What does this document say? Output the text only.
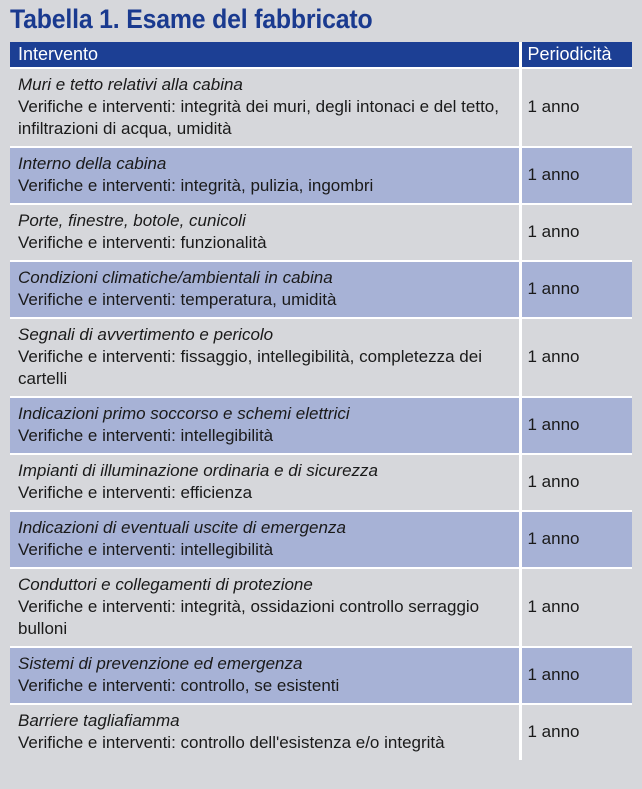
Tabella 1. Esame del fabbricato
Intervento	Periodicità

Muri e tetto relativi alla cabina
Verifiche e interventi: integrità dei muri, degli intonaci e del tetto, infiltrazioni di acqua, umidità	1 anno

Interno della cabina
Verifiche e interventi: integrità, pulizia, ingombri	1 anno

Porte, finestre, botole, cunicoli
Verifiche e interventi: funzionalità	1 anno

Condizioni climatiche/ambientali in cabina
Verifiche e interventi: temperatura, umidità	1 anno

Segnali di avvertimento e pericolo
Verifiche e interventi: fissaggio, intellegibilità, completezza dei cartelli	1 anno

Indicazioni primo soccorso e schemi elettrici
Verifiche e interventi: intellegibilità	1 anno

Impianti di illuminazione ordinaria e di sicurezza
Verifiche e interventi: efficienza	1 anno

Indicazioni di eventuali uscite di emergenza
Verifiche e interventi: intellegibilità	1 anno

Conduttori e collegamenti di protezione
Verifiche e interventi: integrità, ossidazioni controllo serraggio bulloni	1 anno

Sistemi di prevenzione ed emergenza
Verifiche e interventi: controllo, se esistenti	1 anno

Barriere tagliafiamma
Verifiche e interventi: controllo dell'esistenza e/o integrità	1 anno
